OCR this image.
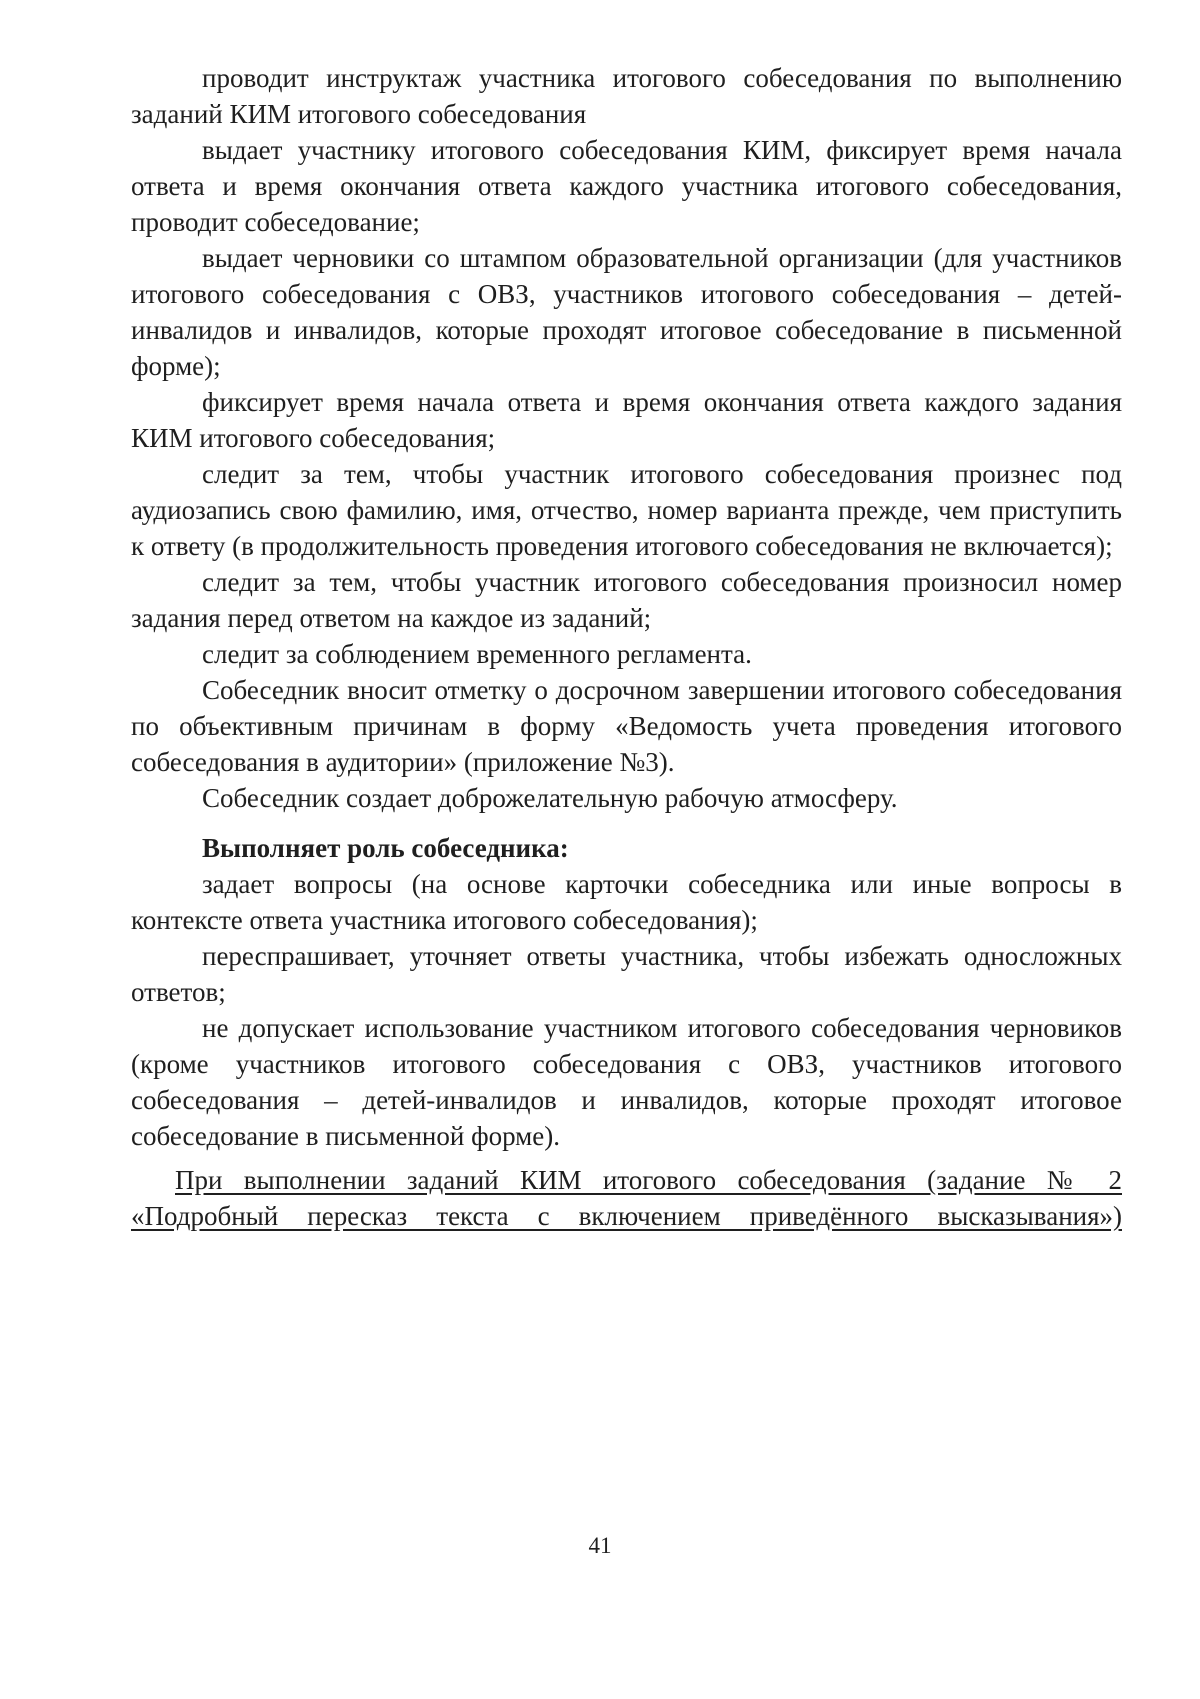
проводит инструктаж участника итогового собеседования по выполнению заданий КИМ итогового собеседования

выдает участнику итогового собеседования КИМ, фиксирует время начала ответа и время окончания ответа каждого участника итогового собеседования, проводит собеседование;

выдает черновики со штампом образовательной организации (для участников итогового собеседования с ОВЗ, участников итогового собеседования – детей-инвалидов и инвалидов, которые проходят итоговое собеседование в письменной форме);

фиксирует время начала ответа и время окончания ответа каждого задания КИМ итогового собеседования;

следит за тем, чтобы участник итогового собеседования произнес под аудиозапись свою фамилию, имя, отчество, номер варианта прежде, чем приступить к ответу (в продолжительность проведения итогового собеседования не включается);

следит за тем, чтобы участник итогового собеседования произносил номер задания перед ответом на каждое из заданий;

следит за соблюдением временного регламента.

Собеседник вносит отметку о досрочном завершении итогового собеседования по объективным причинам в форму «Ведомость учета проведения итогового собеседования в аудитории» (приложение №3).

Собеседник создает доброжелательную рабочую атмосферу.

Выполняет роль собеседника:

задает вопросы (на основе карточки собеседника или иные вопросы в контексте ответа участника итогового собеседования);

переспрашивает, уточняет ответы участника, чтобы избежать односложных ответов;

не допускает использование участником итогового собеседования черновиков (кроме участников итогового собеседования с ОВЗ, участников итогового собеседования – детей-инвалидов и инвалидов, которые проходят итоговое собеседование в письменной форме).

При выполнении заданий КИМ итогового собеседования (задание № 2 «Подробный пересказ текста с включением приведённого высказывания»)

41
